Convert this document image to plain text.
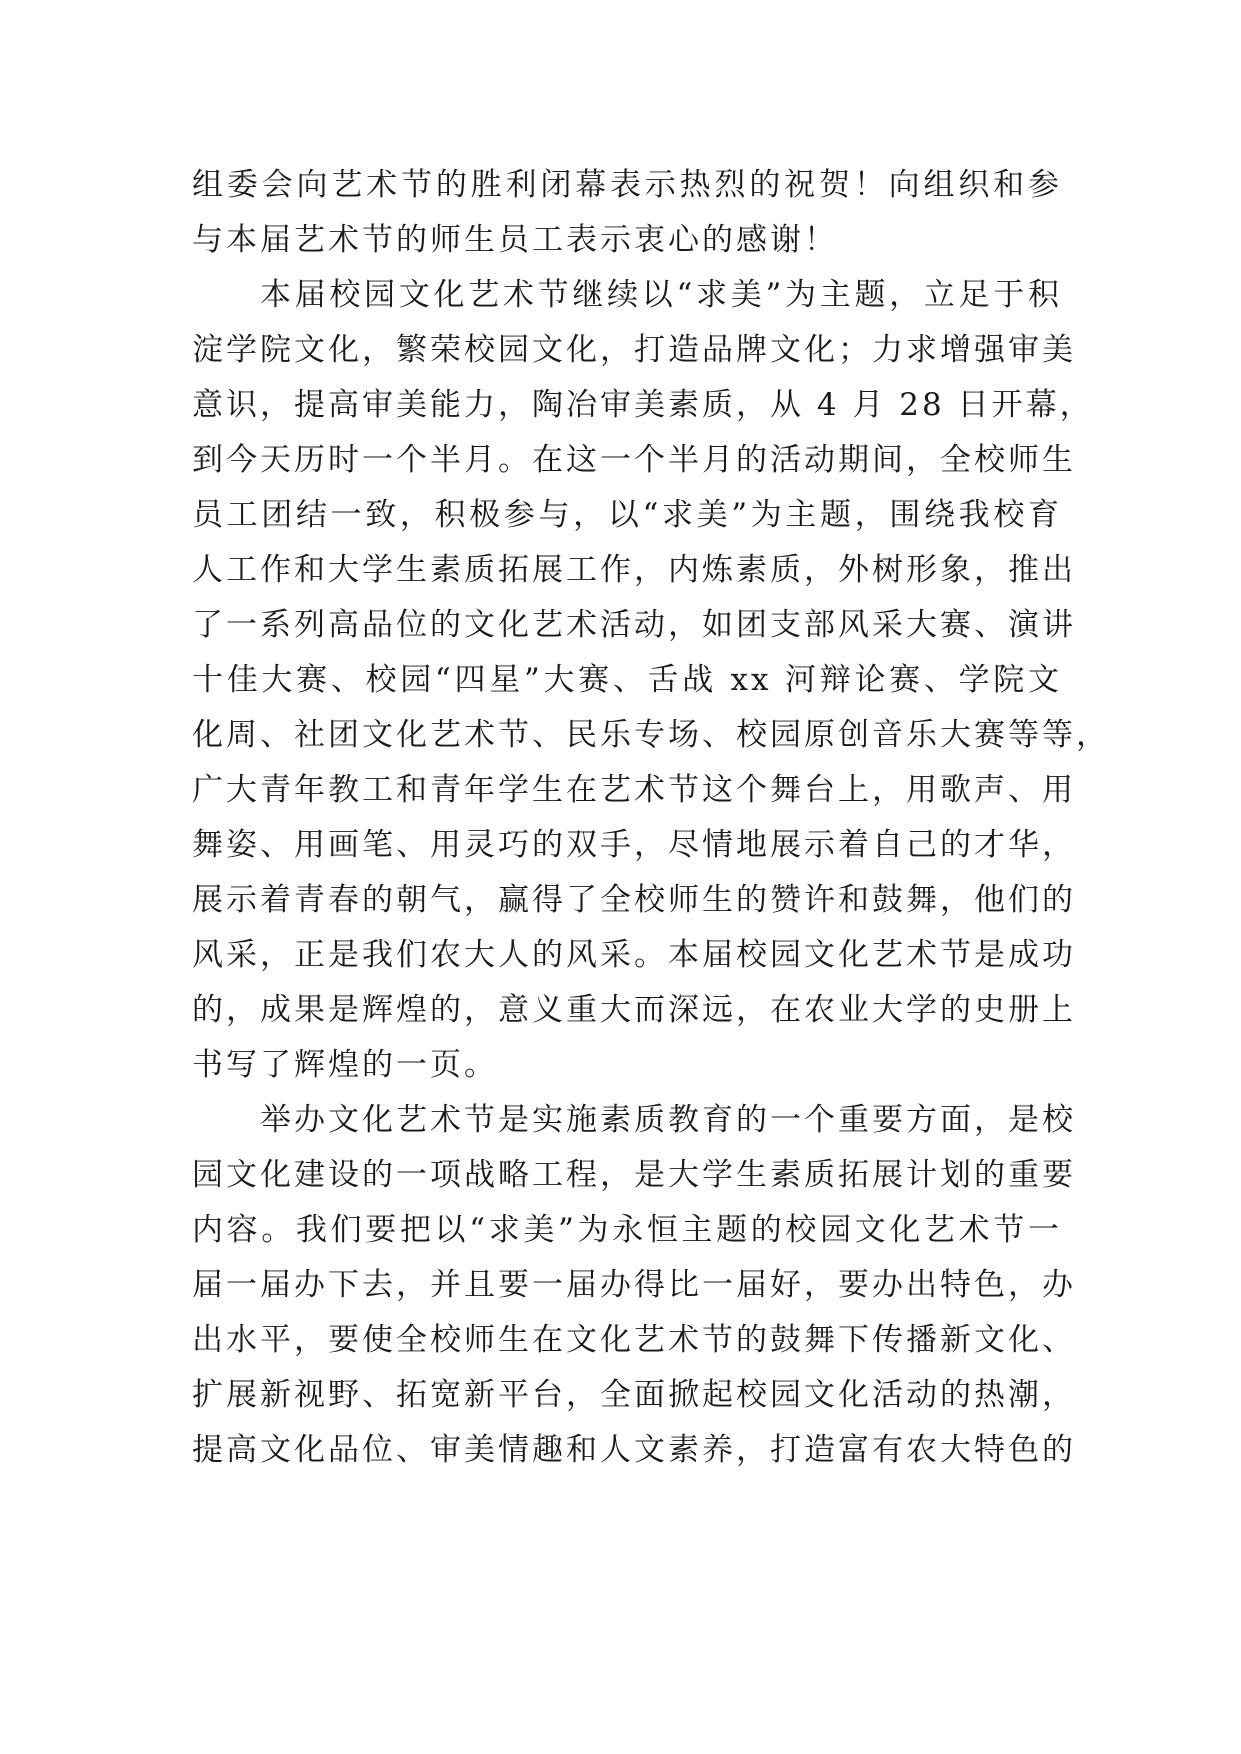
组委会向艺术节的胜利闭幕表示热烈的祝贺！向组织和参
与本届艺术节的师生员工表示衷心的感谢！
本届校园文化艺术节继续以“求美”为主题，立足于积
淀学院文化，繁荣校园文化，打造品牌文化；力求增强审美
意识，提高审美能力，陶冶审美素质，从 4 月 28 日开幕，
到今天历时一个半月。在这一个半月的活动期间，全校师生
员工团结一致，积极参与，以“求美”为主题，围绕我校育
人工作和大学生素质拓展工作，内炼素质，外树形象，推出
了一系列高品位的文化艺术活动，如团支部风采大赛、演讲
十佳大赛、校园“四星”大赛、舌战 xx 河辩论赛、学院文
化周、社团文化艺术节、民乐专场、校园原创音乐大赛等等，
广大青年教工和青年学生在艺术节这个舞台上，用歌声、用
舞姿、用画笔、用灵巧的双手，尽情地展示着自己的才华，
展示着青春的朝气，赢得了全校师生的赞许和鼓舞，他们的
风采，正是我们农大人的风采。本届校园文化艺术节是成功
的，成果是辉煌的，意义重大而深远，在农业大学的史册上
书写了辉煌的一页。
举办文化艺术节是实施素质教育的一个重要方面，是校
园文化建设的一项战略工程，是大学生素质拓展计划的重要
内容。我们要把以“求美”为永恒主题的校园文化艺术节一
届一届办下去，并且要一届办得比一届好，要办出特色，办
出水平，要使全校师生在文化艺术节的鼓舞下传播新文化、
扩展新视野、拓宽新平台，全面掀起校园文化活动的热潮，
提高文化品位、审美情趣和人文素养，打造富有农大特色的
